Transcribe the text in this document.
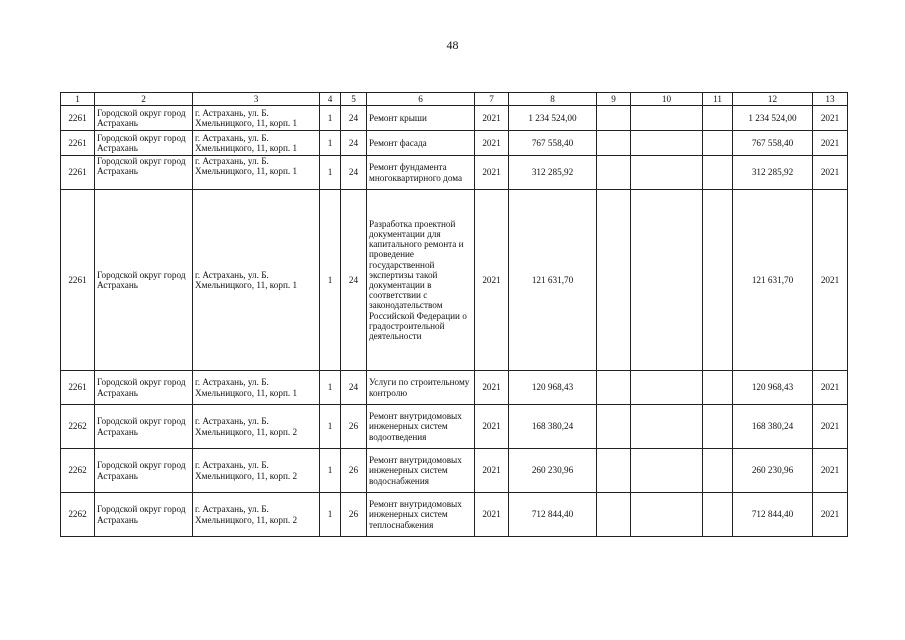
48
1	2	3	4	5	6	7	8	9	10	11	12	13
2261	Городской округ город Астрахань	г. Астрахань, ул. Б. Хмельницкого, 11, корп. 1	1	24	Ремонт крыши	2021	1 234 524,00				1 234 524,00	2021
2261	Городской округ город Астрахань	г. Астрахань, ул. Б. Хмельницкого, 11, корп. 1	1	24	Ремонт фасада	2021	767 558,40				767 558,40	2021
2261	Городской округ город Астрахань	г. Астрахань, ул. Б. Хмельницкого, 11, корп. 1	1	24	Ремонт фундамента многоквартирного дома	2021	312 285,92				312 285,92	2021
2261	Городской округ город Астрахань	г. Астрахань, ул. Б. Хмельницкого, 11, корп. 1	1	24	Разработка проектной документации для капитального ремонта и проведение государственной экспертизы такой документации в соответствии с законодательством Российской Федерации о градостроительной деятельности	2021	121 631,70				121 631,70	2021
2261	Городской округ город Астрахань	г. Астрахань, ул. Б. Хмельницкого, 11, корп. 1	1	24	Услуги по строительному контролю	2021	120 968,43				120 968,43	2021
2262	Городской округ город Астрахань	г. Астрахань, ул. Б. Хмельницкого, 11, корп. 2	1	26	Ремонт внутридомовых инженерных систем водоотведения	2021	168 380,24				168 380,24	2021
2262	Городской округ город Астрахань	г. Астрахань, ул. Б. Хмельницкого, 11, корп. 2	1	26	Ремонт внутридомовых инженерных систем водоснабжения	2021	260 230,96				260 230,96	2021
2262	Городской округ город Астрахань	г. Астрахань, ул. Б. Хмельницкого, 11, корп. 2	1	26	Ремонт внутридомовых инженерных систем теплоснабжения	2021	712 844,40				712 844,40	2021
